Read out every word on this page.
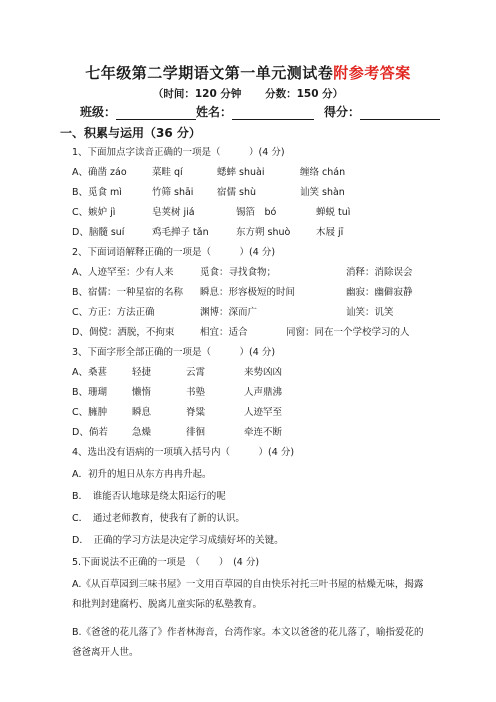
七年级第二学期语文第一单元测试卷附参考答案
（时间：120 分钟 分数：150 分）
班级：	姓名：	得分：
一、积累与运用（36 分）
1、下面加点字读音正确的一项是（　　　）(4 分)
A、确凿 záo	菜畦 qí	蟋蟀 shuài	缠络 chán
B、觅食 mì	竹筛 shāi 宿儒 shù	讪笑 shàn
C、嫉妒 jì	皂荚树 jiá	锡箔　bó	蝉蜕 tuì
D、脑髓 suí	鸡毛掸子 tǎn	东方朔 shuò	木屐 jī
2、下面词语解释正确的一项是（　　　）(4 分)
A、人迹罕至：少有人来	觅食：寻找食物；	消释：消除误会
B、宿儒：一种星宿的名称 瞬息：形容极短的时间	幽寂：幽僻寂静
C、方正：方法正确	渊博：深而广	讪笑：讥笑
D、倜傥：洒脱，不拘束	相宜：适合	同窗：同在一个学校学习的人
3、下面字形全部正确的一项是（　　　）(4 分)
A、桑葚	轻捷	云霄	来势凶凶
B、珊瑚	懒惰	书塾	人声鼎沸
C、臃肿	瞬息	脊粱	人迹罕至
D、倘若	急燥	徘徊	牵连不断
4、选出没有语病的一项填入括号内（　　　）(4 分)
A．初升的旭日从东方冉冉升起。
B．　谁能否认地球是绕太阳运行的呢
C．　通过老师教育，使我有了新的认识。
D．　正确的学习方法是决定学习成绩好坏的关键。
5.下面说法不正确的一项是　（　　）　(4 分)
A.《从百草园到三味书屋》一文用百草园的自由快乐衬托三叶书屋的枯燥无味，揭露和批判封建腐朽、脱离儿童实际的私塾教育。
B.《爸爸的花儿落了》作者林海音，台湾作家。本文以爸爸的花儿落了，喻指爱花的爸爸离开人世。
